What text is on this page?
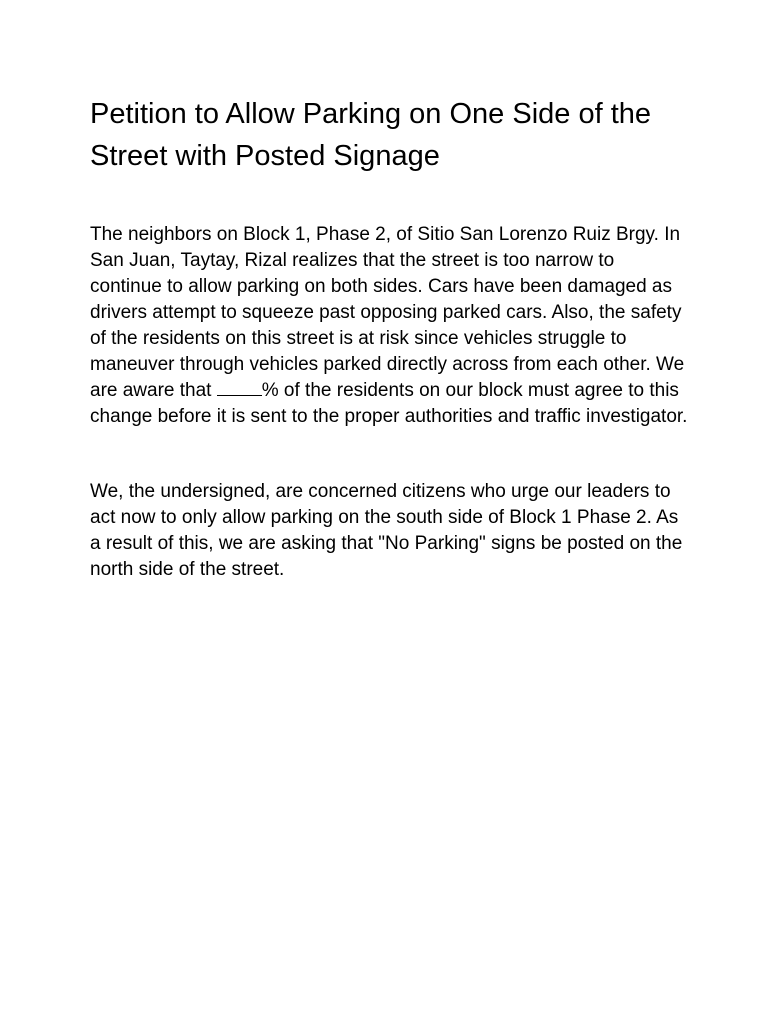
Petition to Allow Parking on One Side of the Street with Posted Signage

The neighbors on Block 1, Phase 2, of Sitio San Lorenzo Ruiz Brgy. In San Juan, Taytay, Rizal realizes that the street is too narrow to continue to allow parking on both sides. Cars have been damaged as drivers attempt to squeeze past opposing parked cars. Also, the safety of the residents on this street is at risk since vehicles struggle to maneuver through vehicles parked directly across from each other. We are aware that % of the residents on our block must agree to this change before it is sent to the proper authorities and traffic investigator.

We, the undersigned, are concerned citizens who urge our leaders to act now to only allow parking on the south side of Block 1 Phase 2. As a result of this, we are asking that "No Parking" signs be posted on the north side of the street.
